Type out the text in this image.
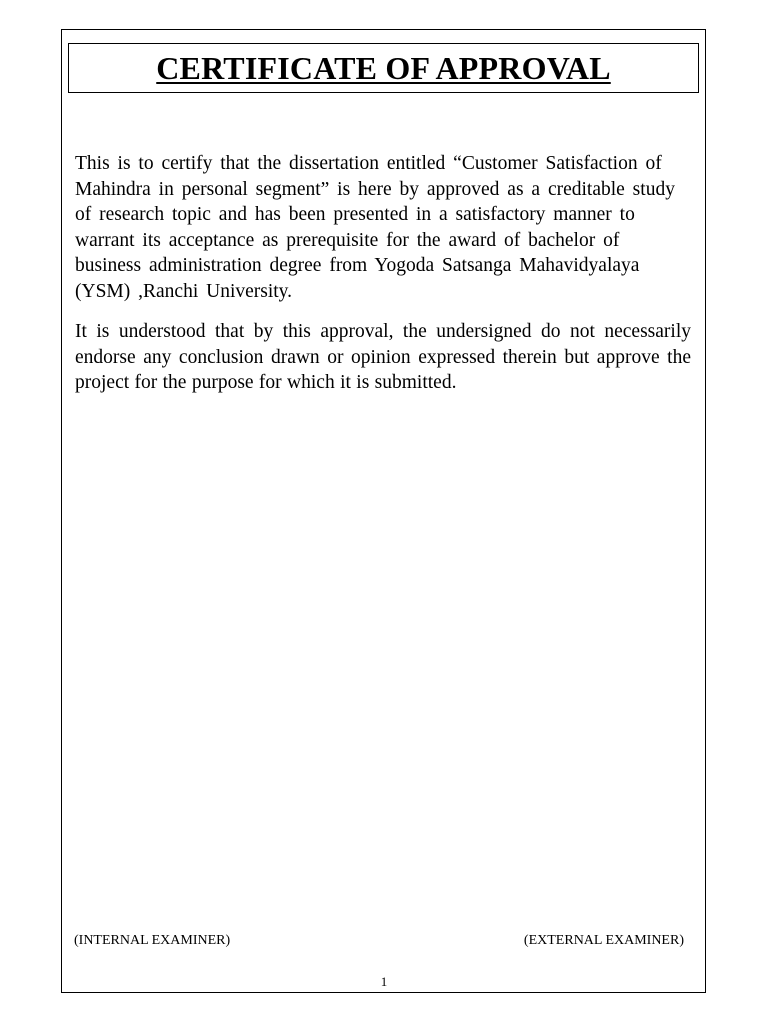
CERTIFICATE OF APPROVAL

This is to certify that the dissertation entitled “Customer Satisfaction of Mahindra in personal segment” is here by approved as a creditable study of research topic and has been presented in a satisfactory manner to warrant its acceptance as prerequisite for the award of bachelor of business administration degree from Yogoda Satsanga Mahavidyalaya (YSM) ,Ranchi University.

It is understood that by this approval, the undersigned do not necessarily endorse any conclusion drawn or opinion expressed therein but approve the project for the purpose for which it is submitted.

(INTERNAL EXAMINER)	(EXTERNAL EXAMINER)
1
